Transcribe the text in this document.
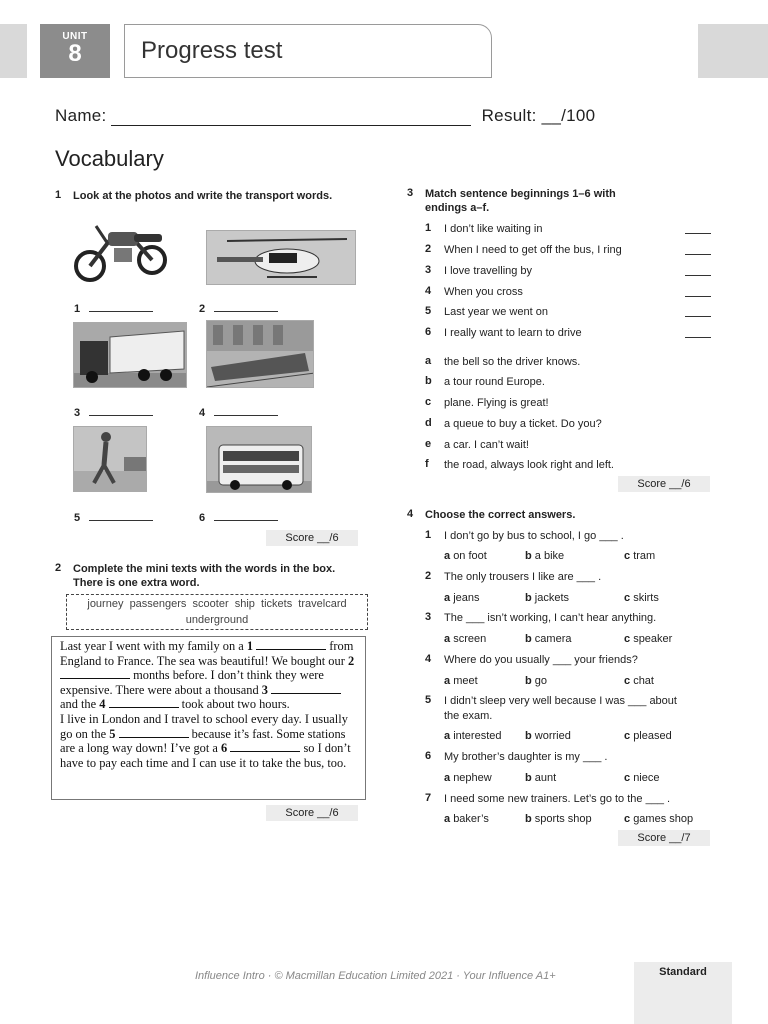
UNIT
8	Progress test
Name:	Result: __/100
Vocabulary
1 Look at the photos and write the transport words.
1	2
3	4
5	6
Score __/6
2 Complete the mini texts with the words in the box.
There is one extra word.
journey  passengers  scooter  ship  tickets  travelcard
underground
Last year I went with my family on a 1	from England to France. The sea was beautiful! We bought our 2  months before. I don’t think they were expensive. There were about a thousand 3  and the 4	took about two hours.
I live in London and I travel to school every day. I usually go on the 5	because it’s fast. Some stations are a long way down! I’ve got a 6	so I don’t have to pay each time and I can use it to take the bus, too.
Score __/6
3 Match sentence beginnings 1–6 with
endings a–f.
1 I don’t like waiting in
2 When I need to get off the bus, I ring
3 I love travelling by
4 When you cross
5 Last year we went on
6 I really want to learn to drive
a the bell so the driver knows.
b a tour round Europe.
c plane. Flying is great!
d a queue to buy a ticket. Do you?
e a car. I can’t wait!
f the road, always look right and left.
Score __/6
4 Choose the correct answers.
1 I don’t go by bus to school, I go ___ .
a on foot	b a bike	c tram
2 The only trousers I like are ___ .
a jeans	b jackets	c skirts
3 The ___ isn’t working, I can’t hear anything.
a screen	b camera	c speaker
4 Where do you usually ___ your friends?
a meet	b go	c chat
5 I didn’t sleep very well because I was ___ about
the exam.
a interested b worried	c pleased
6 My brother’s daughter is my ___ .
a nephew	b aunt	c niece
7 I need some new trainers. Let’s go to the ___ .
a baker’s	b sports shop	c games shop
Score __/7
Influence Intro · © Macmillan Education Limited 2021 · Your Influence A1+	Standard
